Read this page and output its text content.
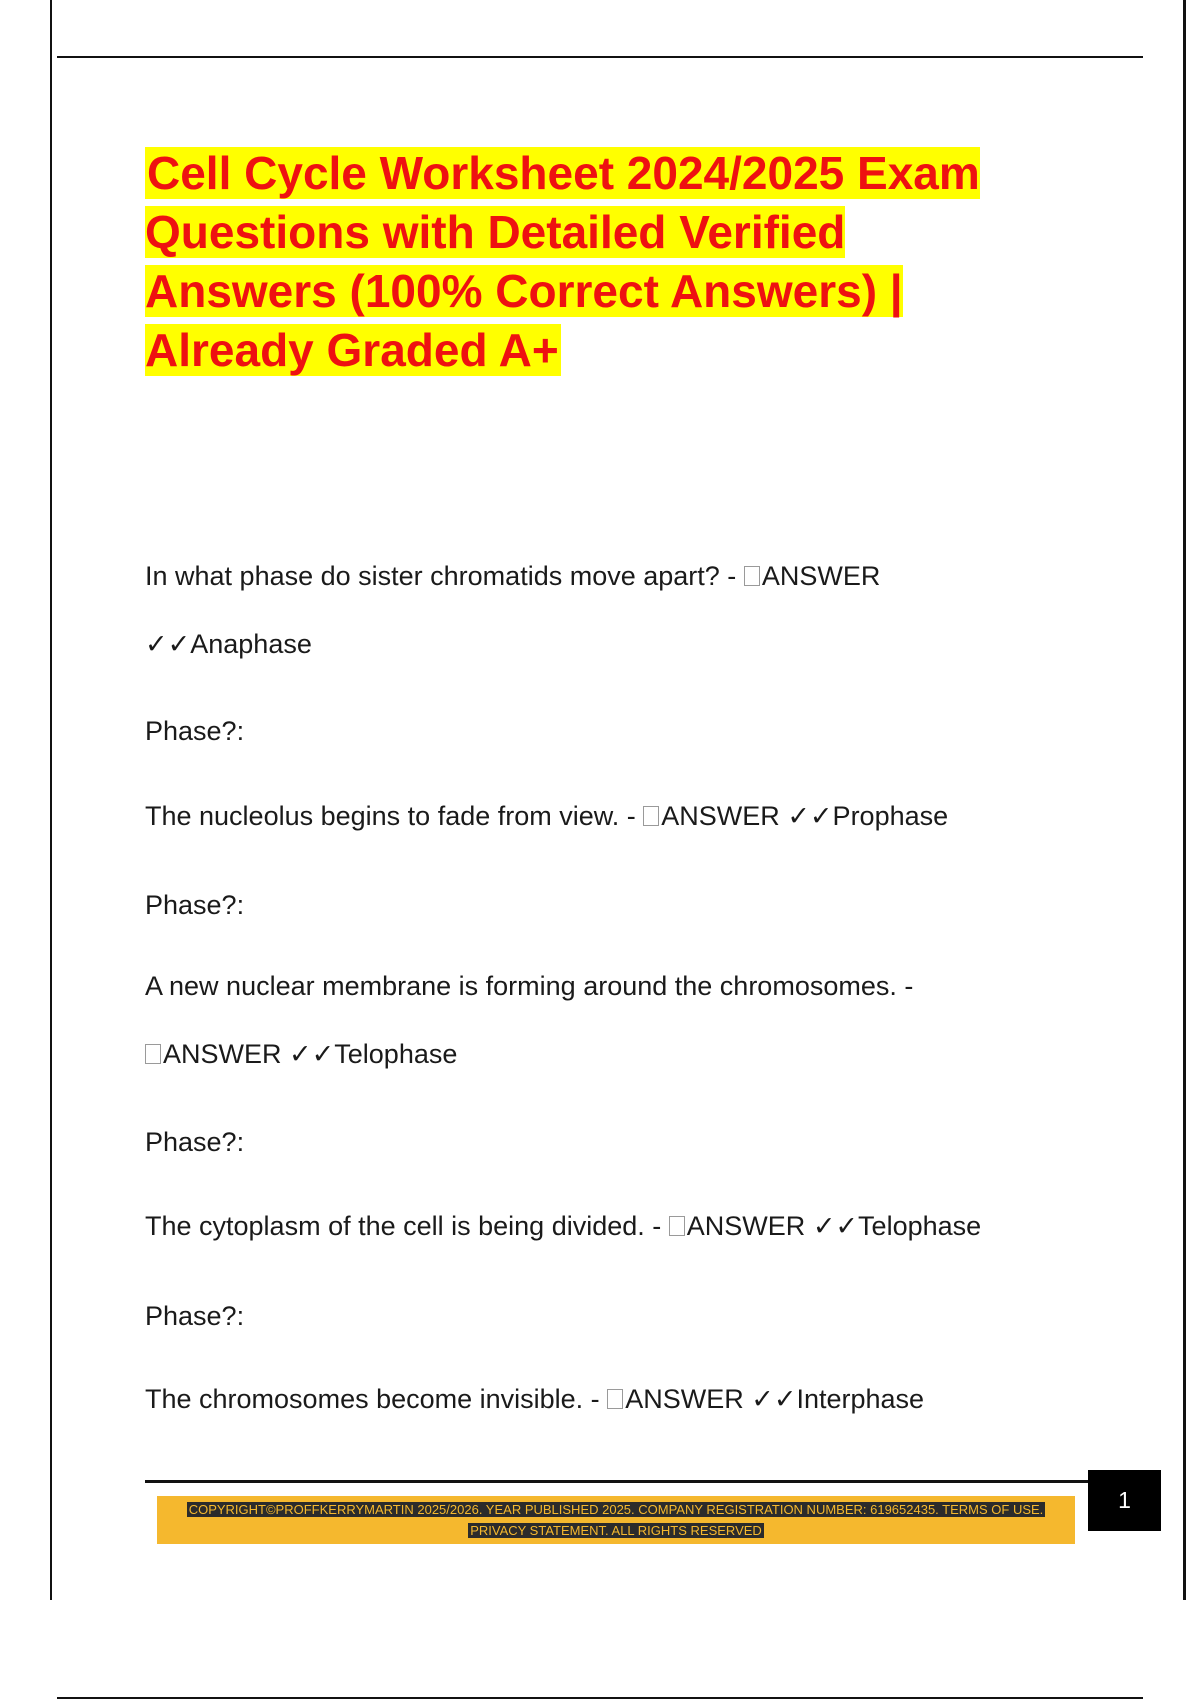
Cell Cycle Worksheet 2024/2025 Exam Questions with Detailed Verified Answers (100% Correct Answers) | Already Graded A+
In what phase do sister chromatids move apart? - ANSWER
✓✓Anaphase
Phase?:
The nucleolus begins to fade from view. - ANSWER ✓✓Prophase
Phase?:
A new nuclear membrane is forming around the chromosomes. -
ANSWER ✓✓Telophase
Phase?:
The cytoplasm of the cell is being divided. - ANSWER ✓✓Telophase
Phase?:
The chromosomes become invisible. - ANSWER ✓✓Interphase
COPYRIGHT©PROFFKERRYMARTIN 2025/2026. YEAR PUBLISHED 2025. COMPANY REGISTRATION NUMBER: 619652435. TERMS OF USE.
PRIVACY STATEMENT. ALL RIGHTS RESERVED
1
